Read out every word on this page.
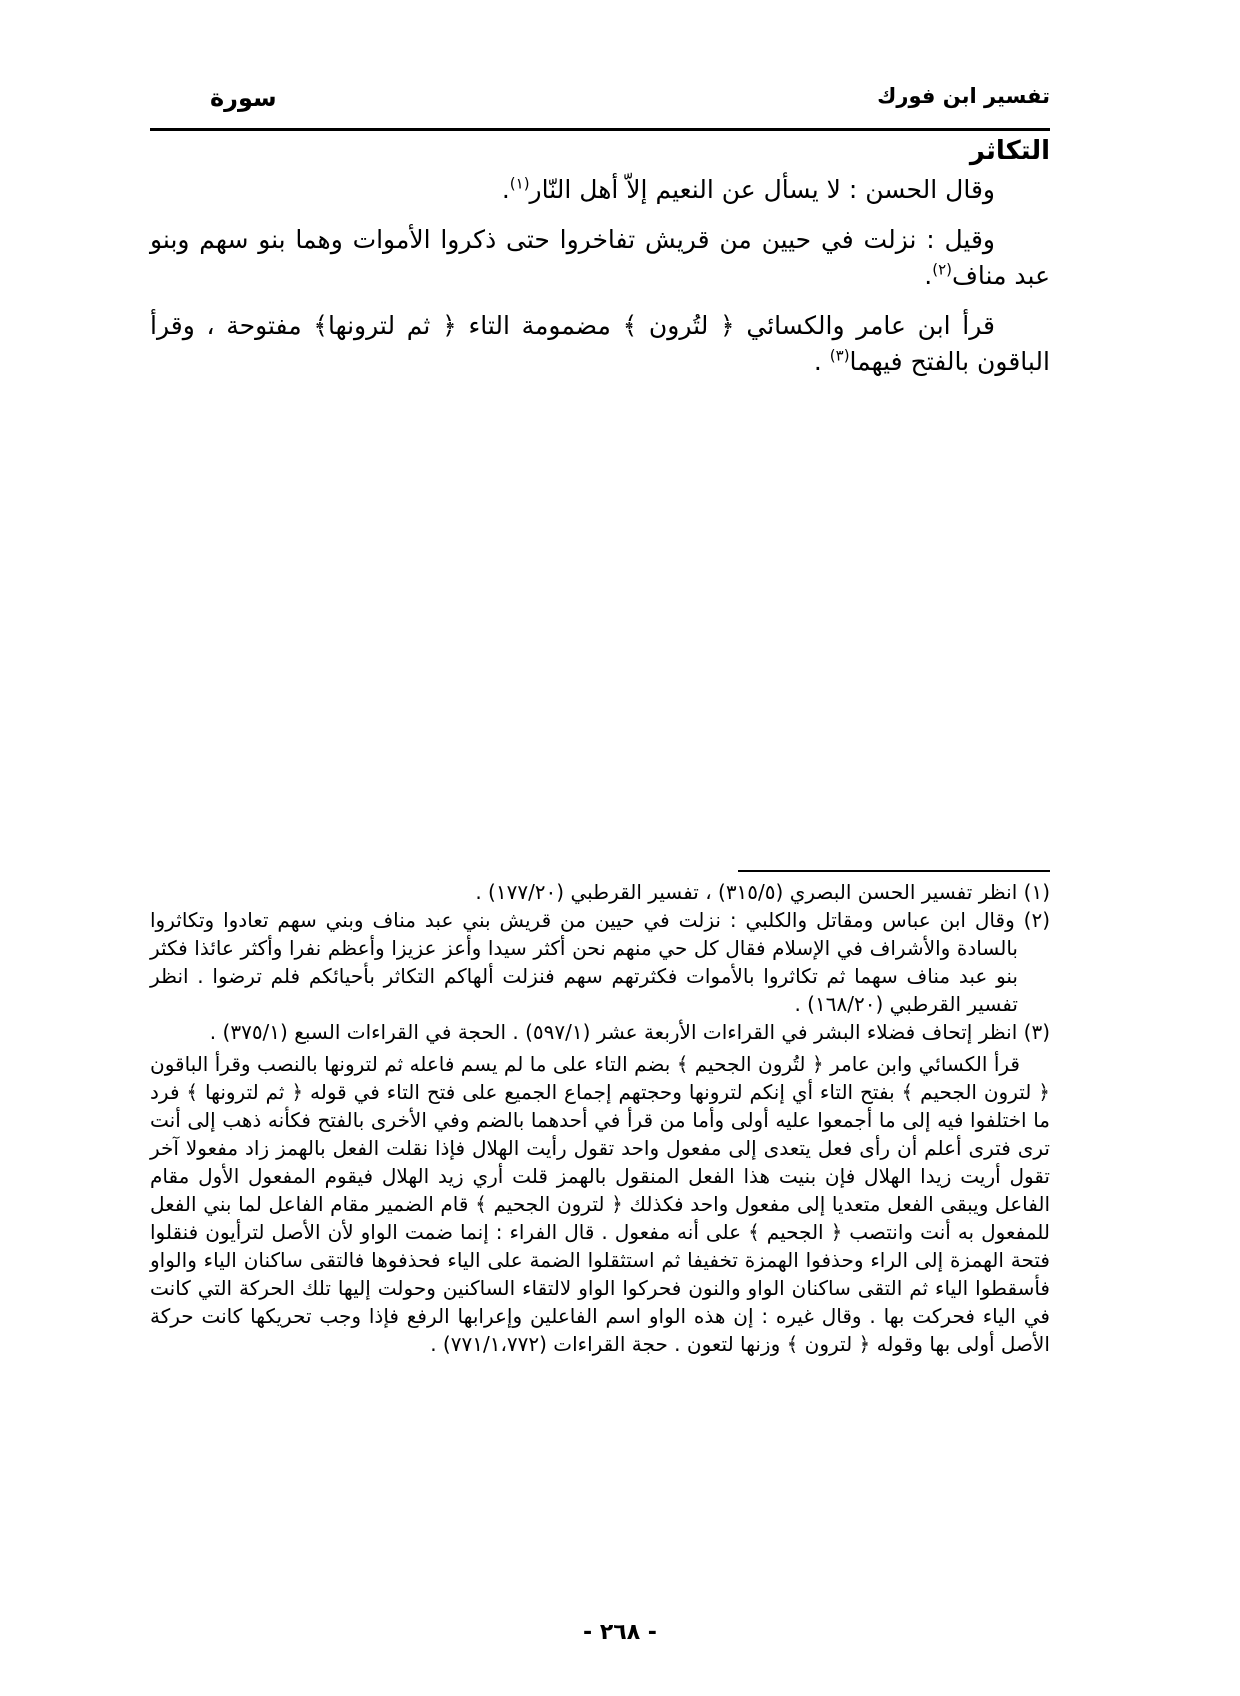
تفسير ابن فورك
سورة
التكاثر

وقال الحسن : لا يسأل عن النعيم إلاّ أهل النّار$^{(١)}$.

وقيل : نزلت في حيين من قريش تفاخروا حتى ذكروا الأموات وهما بنو سهم وبنو عبد مناف$^{(٢)}$.

قرأ ابن عامر والكسائي ﴿ لتُرون ﴾ مضمومة التاء ﴿ ثم لترونها﴾ مفتوحة ، وقرأ الباقون بالفتح فيهما$^{(٣)}$ .

(١) انظر تفسير الحسن البصري (٣١٥/٥) ، تفسير القرطبي (١٧٧/٢٠) .

(٢) وقال ابن عباس ومقاتل والكلبي : نزلت في حيين من قريش بني عبد مناف وبني سهم تعادوا وتكاثروا بالسادة والأشراف في الإسلام فقال كل حي منهم نحن أكثر سيدا وأعز عزيزا وأعظم نفرا وأكثر عائذا فكثر بنو عبد مناف سهما ثم تكاثروا بالأموات فكثرتهم سهم فنزلت ألهاكم التكاثر بأحيائكم فلم ترضوا . انظر تفسير القرطبي (١٦٨/٢٠) .

(٣) انظر إتحاف فضلاء البشر في القراءات الأربعة عشر (٥٩٧/١) . الحجة في القراءات السبع (٣٧٥/١) .

قرأ الكسائي وابن عامر ﴿ لتُرون الجحيم ﴾ بضم التاء على ما لم يسم فاعله ثم لترونها بالنصب وقرأ الباقون ﴿ لترون الجحيم ﴾ بفتح التاء أي إنكم لترونها وحجتهم إجماع الجميع على فتح التاء في قوله ﴿ ثم لترونها ﴾ فرد ما اختلفوا فيه إلى ما أجمعوا عليه أولى وأما من قرأ في أحدهما بالضم وفي الأخرى بالفتح فكأنه ذهب إلى أنت ترى فترى أعلم أن رأى فعل يتعدى إلى مفعول واحد تقول رأيت الهلال فإذا نقلت الفعل بالهمز زاد مفعولا آخر تقول أريت زيدا الهلال فإن بنيت هذا الفعل المنقول بالهمز قلت أري زيد الهلال فيقوم المفعول الأول مقام الفاعل ويبقى الفعل متعديا إلى مفعول واحد فكذلك ﴿ لترون الجحيم ﴾ قام الضمير مقام الفاعل لما بني الفعل للمفعول به أنت وانتصب ﴿ الجحيم ﴾ على أنه مفعول . قال الفراء : إنما ضمت الواو لأن الأصل لترأيون فنقلوا فتحة الهمزة إلى الراء وحذفوا الهمزة تخفيفا ثم استثقلوا الضمة على الياء فحذفوها فالتقى ساكنان الياء والواو فأسقطوا الياء ثم التقى ساكنان الواو والنون فحركوا الواو لالتقاء الساكنين وحولت إليها تلك الحركة التي كانت في الياء فحركت بها . وقال غيره : إن هذه الواو اسم الفاعلين وإعرابها الرفع فإذا وجب تحريكها كانت حركة الأصل أولى بها وقوله ﴿ لترون ﴾ وزنها لتعون . حجة القراءات (٧٧١/١،٧٧٢) .

- ٢٦٨ -
